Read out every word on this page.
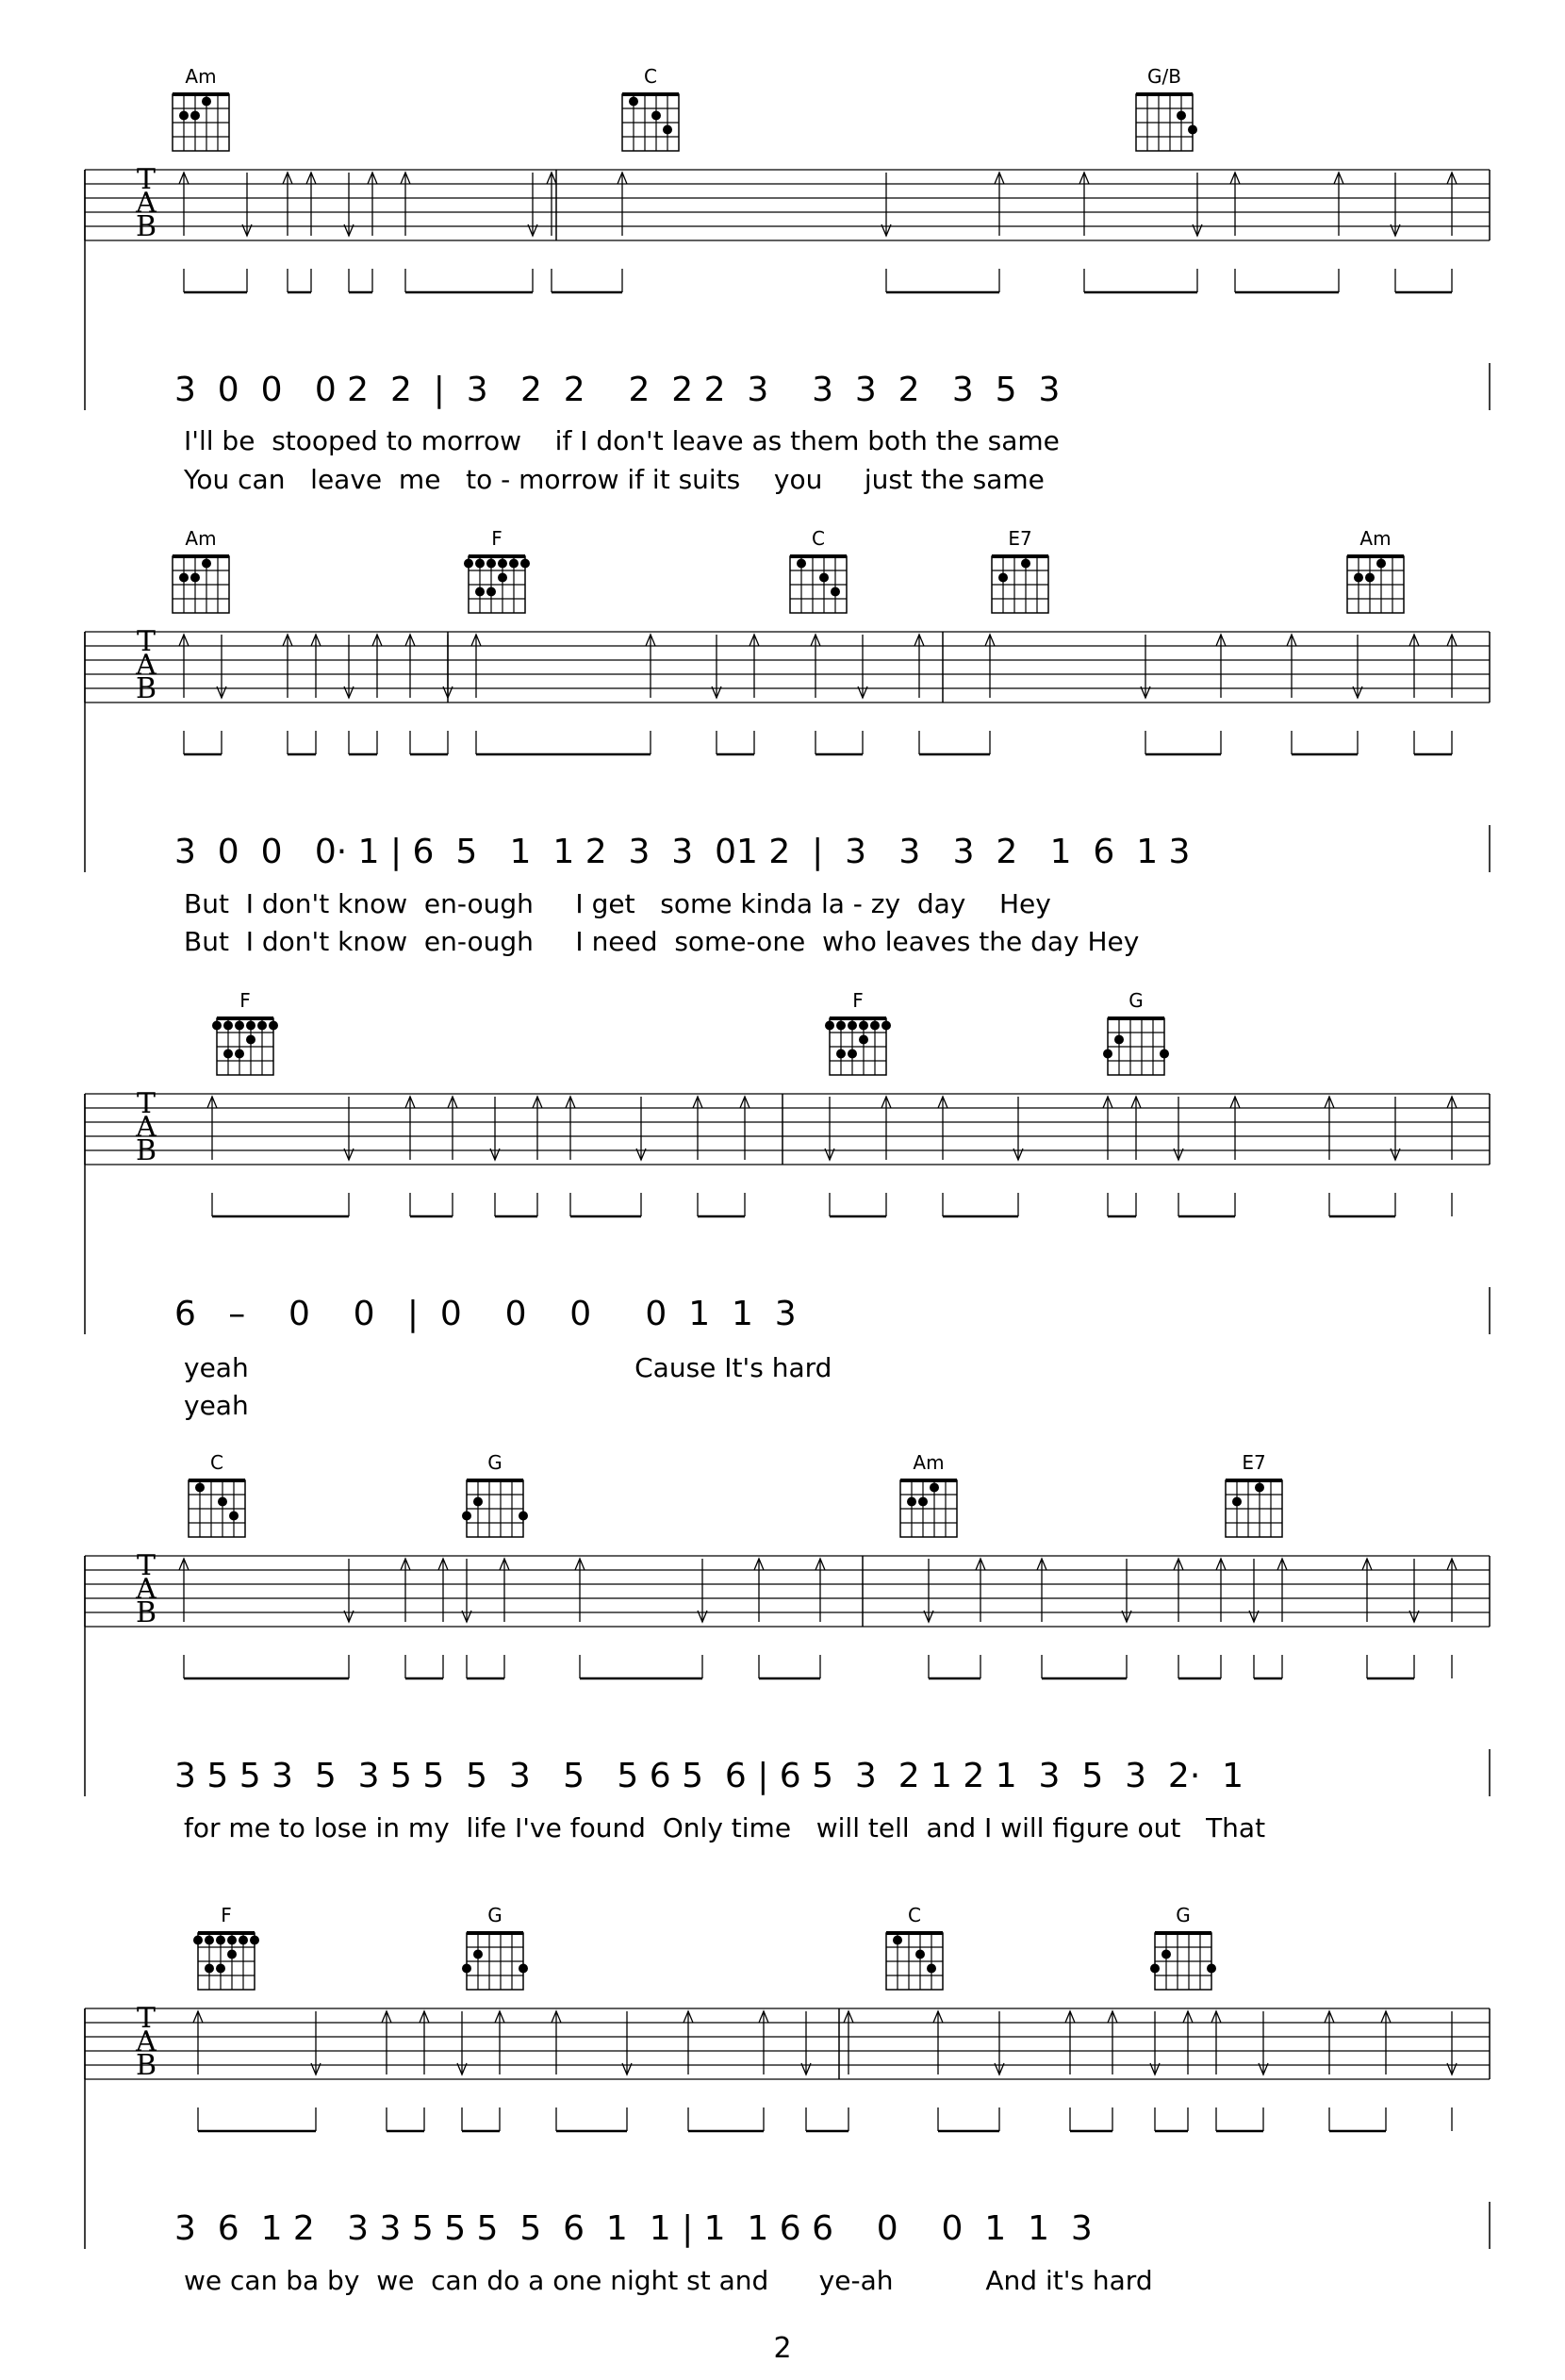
Am	C	G/B
T
A
B
3  0  0   0 2  2  |  3   2  2    2  2 2  3    3  3  2   3  5  3
I'll be  stooped to morrow    if I don't leave as them both the same
You can   leave  me   to - morrow if it suits    you     just the same
Am	F	C	E7	Am
T
A
B
3  0  0   0· 1 | 6  5   1  1 2  3  3  01 2  |  3   3   3  2   1  6  1 3
But  I don't know  en-ough     I get   some kinda la - zy  day    Hey
But  I don't know  en-ough     I need  some-one  who leaves the day Hey
F	F	G
T
A
B
6   –    0    0   |  0    0    0     0  1  1  3
yeah                                              Cause It's hard
yeah
C	G	Am	E7
T
A
B
3 5 5 3  5  3 5 5  5  3   5   5 6 5  6 | 6 5  3  2 1 2 1  3  5  3  2·  1
for me to lose in my  life I've found  Only time   will tell  and I will figure out   That
F	G	C	G
T
A
B
3  6  1 2   3 3 5 5 5  5  6  1  1 | 1  1 6 6    0    0  1  1  3
we can ba by  we  can do a one night st and      ye-ah           And it's hard
2
